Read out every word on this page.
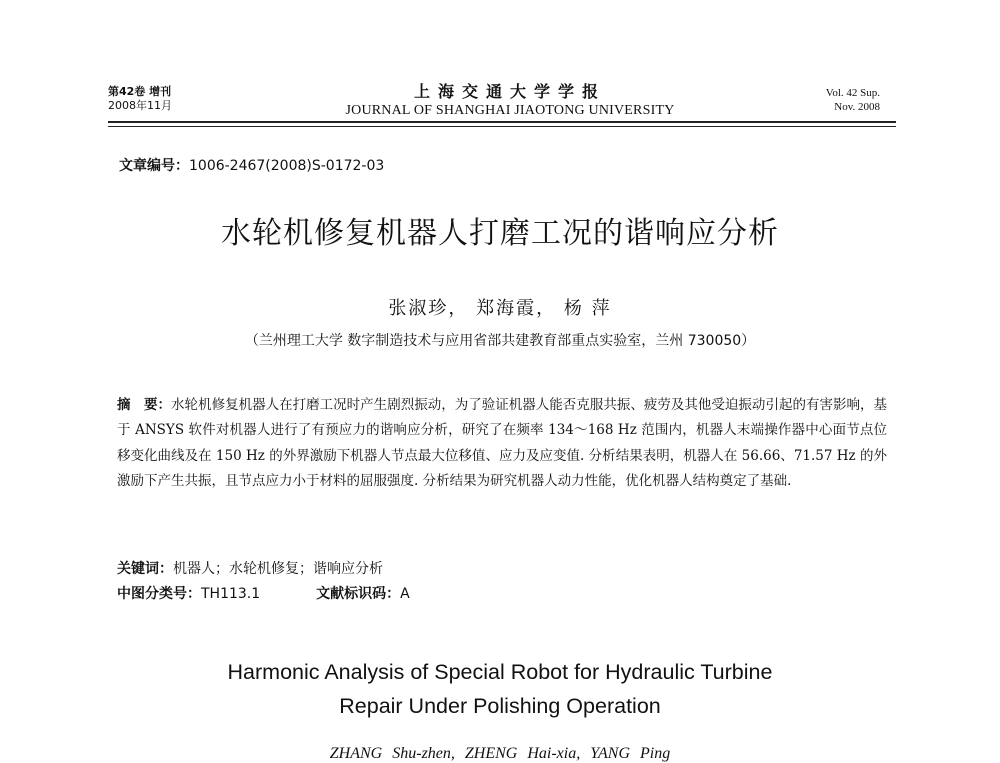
第42卷 增刊
2008年11月
上海交通大学学报
JOURNAL OF SHANGHAI JIAOTONG UNIVERSITY
Vol. 42 Sup.
Nov. 2008
文章编号：1006-2467(2008)S-0172-03
水轮机修复机器人打磨工况的谐响应分析
张淑珍， 郑海霞， 杨 萍
（兰州理工大学 数字制造技术与应用省部共建教育部重点实验室，兰州 730050）
摘　要：水轮机修复机器人在打磨工况时产生剧烈振动，为了验证机器人能否克服共振、疲劳及其他受迫振动引起的有害影响，基于 ANSYS 软件对机器人进行了有预应力的谐响应分析，研究了在频率 134～168 Hz 范围内，机器人末端操作器中心面节点位移变化曲线及在 150 Hz 的外界激励下机器人节点最大位移值、应力及应变值. 分析结果表明，机器人在 56.66、71.57 Hz 的外激励下产生共振，且节点应力小于材料的屈服强度. 分析结果为研究机器人动力性能，优化机器人结构奠定了基础.
关键词：机器人；水轮机修复；谐响应分析
中图分类号：TH113.1	文献标识码：A
Harmonic Analysis of Special Robot for Hydraulic Turbine
Repair Under Polishing Operation
ZHANG Shu-zhen, ZHENG Hai-xia, YANG Ping
